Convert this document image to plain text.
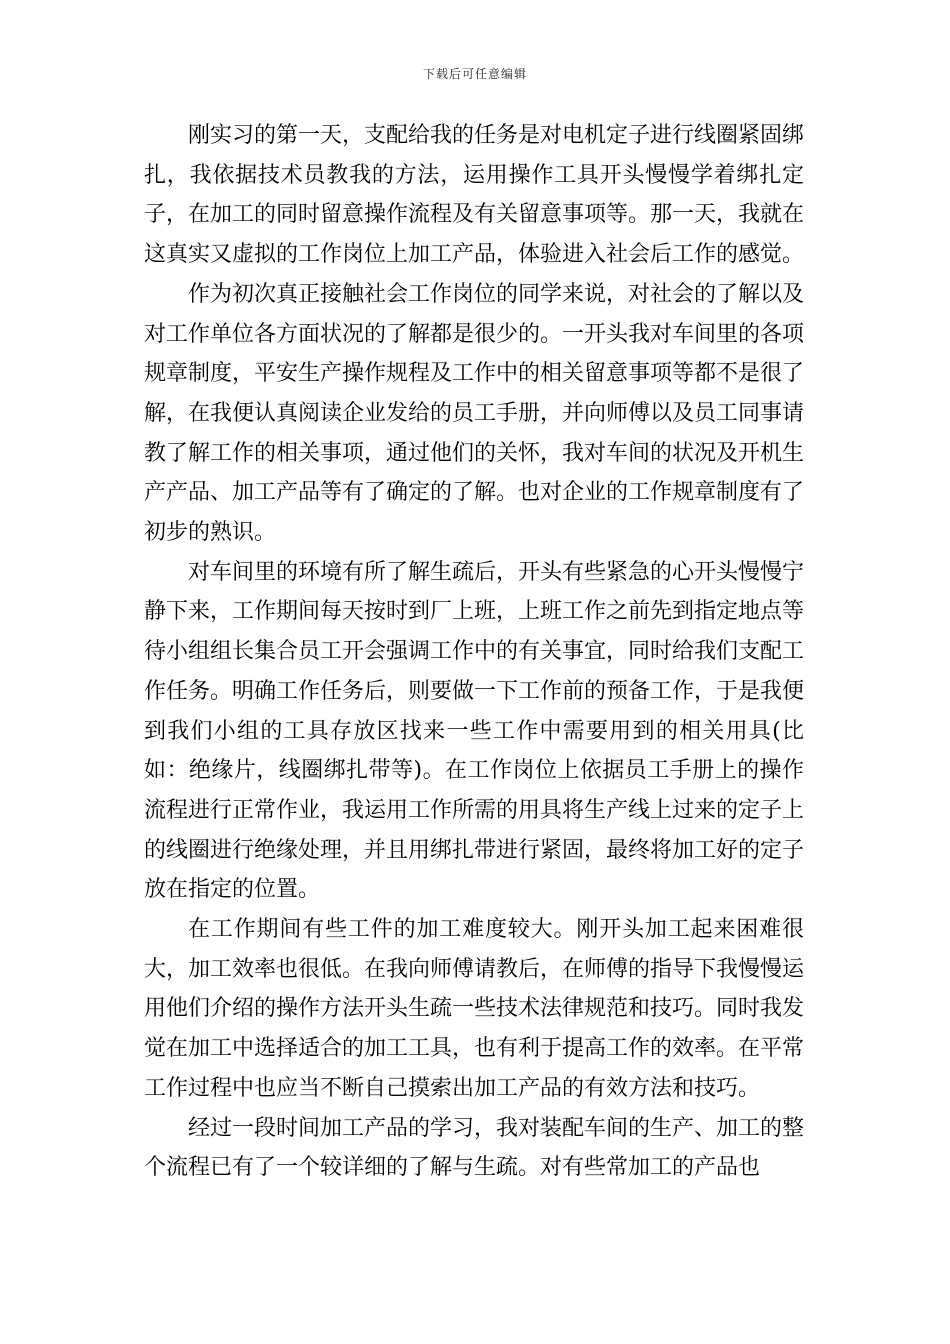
下载后可任意编辑

刚实习的第一天，支配给我的任务是对电机定子进行线圈紧固绑扎，我依据技术员教我的方法，运用操作工具开头慢慢学着绑扎定子，在加工的同时留意操作流程及有关留意事项等。那一天，我就在这真实又虚拟的工作岗位上加工产品，体验进入社会后工作的感觉。

作为初次真正接触社会工作岗位的同学来说，对社会的了解以及对工作单位各方面状况的了解都是很少的。一开头我对车间里的各项规章制度，平安生产操作规程及工作中的相关留意事项等都不是很了解，在我便认真阅读企业发给的员工手册，并向师傅以及员工同事请教了解工作的相关事项，通过他们的关怀，我对车间的状况及开机生产产品、加工产品等有了确定的了解。也对企业的工作规章制度有了初步的熟识。

对车间里的环境有所了解生疏后，开头有些紧急的心开头慢慢宁静下来，工作期间每天按时到厂上班，上班工作之前先到指定地点等待小组组长集合员工开会强调工作中的有关事宜，同时给我们支配工作任务。明确工作任务后，则要做一下工作前的预备工作，于是我便到我们小组的工具存放区找来一些工作中需要用到的相关用具(比如：绝缘片，线圈绑扎带等)。在工作岗位上依据员工手册上的操作流程进行正常作业，我运用工作所需的用具将生产线上过来的定子上的线圈进行绝缘处理，并且用绑扎带进行紧固，最终将加工好的定子放在指定的位置。

在工作期间有些工件的加工难度较大。刚开头加工起来困难很大，加工效率也很低。在我向师傅请教后，在师傅的指导下我慢慢运用他们介绍的操作方法开头生疏一些技术法律规范和技巧。同时我发觉在加工中选择适合的加工工具，也有利于提高工作的效率。在平常工作过程中也应当不断自己摸索出加工产品的有效方法和技巧。

经过一段时间加工产品的学习，我对装配车间的生产、加工的整个流程已有了一个较详细的了解与生疏。对有些常加工的产品也
